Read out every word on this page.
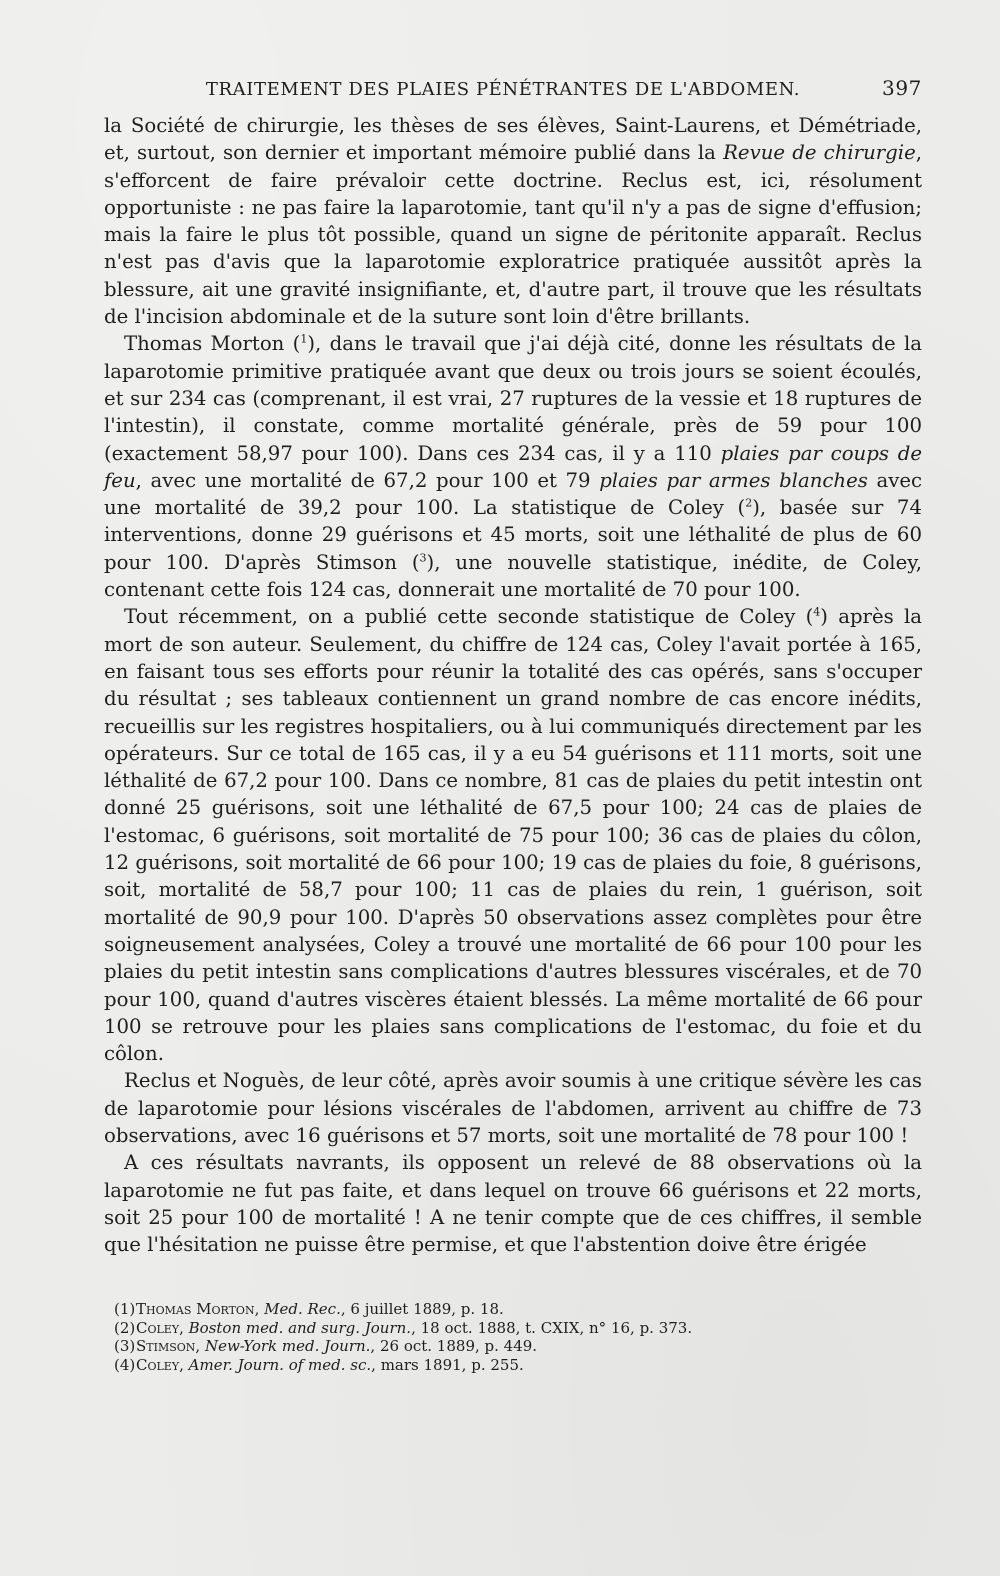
TRAITEMENT DES PLAIES PÉNÉTRANTES DE L'ABDOMEN.	397

la Société de chirurgie, les thèses de ses élèves, Saint-Laurens, et Démétriade, et, surtout, son dernier et important mémoire publié dans la Revue de chirurgie, s'efforcent de faire prévaloir cette doctrine. Reclus est, ici, résolument opportuniste : ne pas faire la laparotomie, tant qu'il n'y a pas de signe d'effusion; mais la faire le plus tôt possible, quand un signe de péritonite apparaît. Reclus n'est pas d'avis que la laparotomie exploratrice pratiquée aussitôt après la blessure, ait une gravité insignifiante, et, d'autre part, il trouve que les résultats de l'incision abdominale et de la suture sont loin d'être brillants.

Thomas Morton ($^1$), dans le travail que j'ai déjà cité, donne les résultats de la laparotomie primitive pratiquée avant que deux ou trois jours se soient écoulés, et sur 234 cas (comprenant, il est vrai, 27 ruptures de la vessie et 18 ruptures de l'intestin), il constate, comme mortalité générale, près de 59 pour 100 (exactement 58,97 pour 100). Dans ces 234 cas, il y a 110 plaies par coups de feu, avec une mortalité de 67,2 pour 100 et 79 plaies par armes blanches avec une mortalité de 39,2 pour 100. La statistique de Coley ($^2$), basée sur 74 interventions, donne 29 guérisons et 45 morts, soit une léthalité de plus de 60 pour 100. D'après Stimson ($^3$), une nouvelle statistique, inédite, de Coley, contenant cette fois 124 cas, donnerait une mortalité de 70 pour 100.

Tout récemment, on a publié cette seconde statistique de Coley ($^4$) après la mort de son auteur. Seulement, du chiffre de 124 cas, Coley l'avait portée à 165, en faisant tous ses efforts pour réunir la totalité des cas opérés, sans s'occuper du résultat ; ses tableaux contiennent un grand nombre de cas encore inédits, recueillis sur les registres hospitaliers, ou à lui communiqués directement par les opérateurs. Sur ce total de 165 cas, il y a eu 54 guérisons et 111 morts, soit une léthalité de 67,2 pour 100. Dans ce nombre, 81 cas de plaies du petit intestin ont donné 25 guérisons, soit une léthalité de 67,5 pour 100; 24 cas de plaies de l'estomac, 6 guérisons, soit mortalité de 75 pour 100; 36 cas de plaies du côlon, 12 guérisons, soit mortalité de 66 pour 100; 19 cas de plaies du foie, 8 guérisons, soit, mortalité de 58,7 pour 100; 11 cas de plaies du rein, 1 guérison, soit mortalité de 90,9 pour 100. D'après 50 observations assez complètes pour être soigneusement analysées, Coley a trouvé une mortalité de 66 pour 100 pour les plaies du petit intestin sans complications d'autres blessures viscérales, et de 70 pour 100, quand d'autres viscères étaient blessés. La même mortalité de 66 pour 100 se retrouve pour les plaies sans complications de l'estomac, du foie et du côlon.

Reclus et Noguès, de leur côté, après avoir soumis à une critique sévère les cas de laparotomie pour lésions viscérales de l'abdomen, arrivent au chiffre de 73 observations, avec 16 guérisons et 57 morts, soit une mortalité de 78 pour 100 !

A ces résultats navrants, ils opposent un relevé de 88 observations où la laparotomie ne fut pas faite, et dans lequel on trouve 66 guérisons et 22 morts, soit 25 pour 100 de mortalité ! A ne tenir compte que de ces chiffres, il semble que l'hésitation ne puisse être permise, et que l'abstention doive être érigée

(1)Thomas Morton, Med. Rec., 6 juillet 1889, p. 18.

(2)Coley, Boston med. and surg. Journ., 18 oct. 1888, t. CXIX, n° 16, p. 373.

(3)Stimson, New-York med. Journ., 26 oct. 1889, p. 449.

(4)Coley, Amer. Journ. of med. sc., mars 1891, p. 255.
